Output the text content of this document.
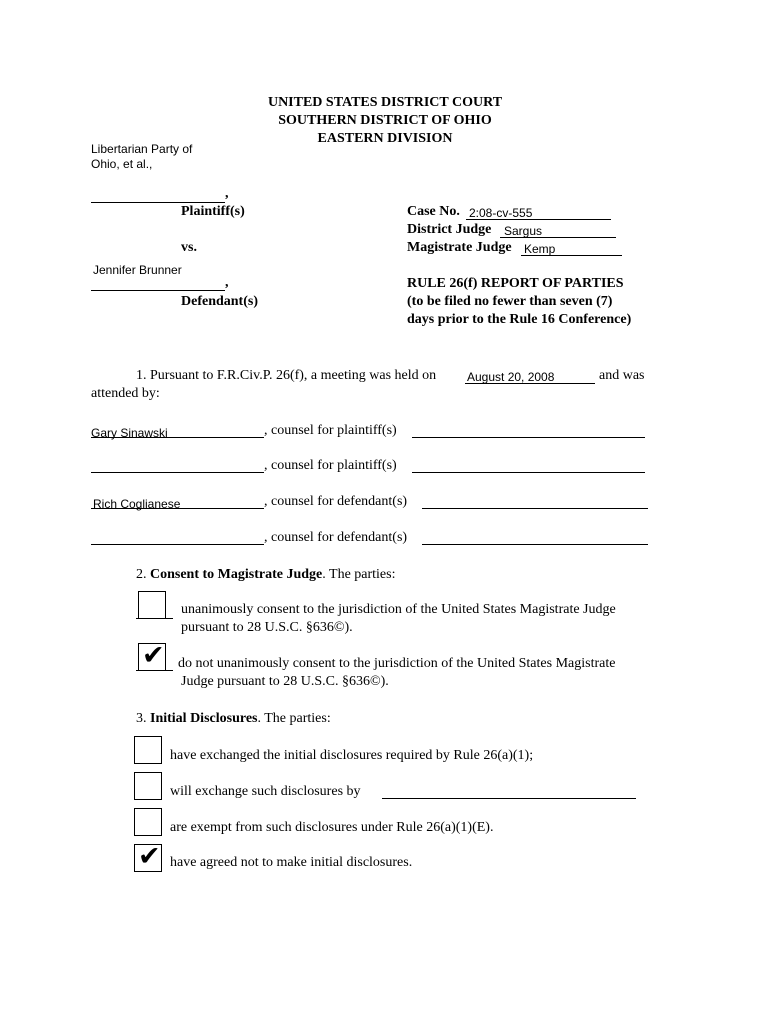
UNITED STATES DISTRICT COURT
SOUTHERN DISTRICT OF OHIO
EASTERN DIVISION
Libertarian Party of
Ohio, et al.,
,
Plaintiff(s)
vs.
Jennifer Brunner
,
Defendant(s)
Case No. 2:08-cv-555
District Judge Sargus
Magistrate Judge Kemp
RULE 26(f) REPORT OF PARTIES
(to be filed no fewer than seven (7)
days prior to the Rule 16 Conference)
1. Pursuant to F.R.Civ.P. 26(f), a meeting was held on	August 20, 2008	and was
attended by:
Gary Sinawski	, counsel for plaintiff(s)
, counsel for plaintiff(s)
Rich Coglianese	, counsel for defendant(s)
, counsel for defendant(s)
2. Consent to Magistrate Judge. The parties:
unanimously consent to the jurisdiction of the United States Magistrate Judge
pursuant to 28 U.S.C. §636©).
✔ do not unanimously consent to the jurisdiction of the United States Magistrate
Judge pursuant to 28 U.S.C. §636©).
3. Initial Disclosures. The parties:
have exchanged the initial disclosures required by Rule 26(a)(1);
will exchange such disclosures by
are exempt from such disclosures under Rule 26(a)(1)(E).
✔ have agreed not to make initial disclosures.
